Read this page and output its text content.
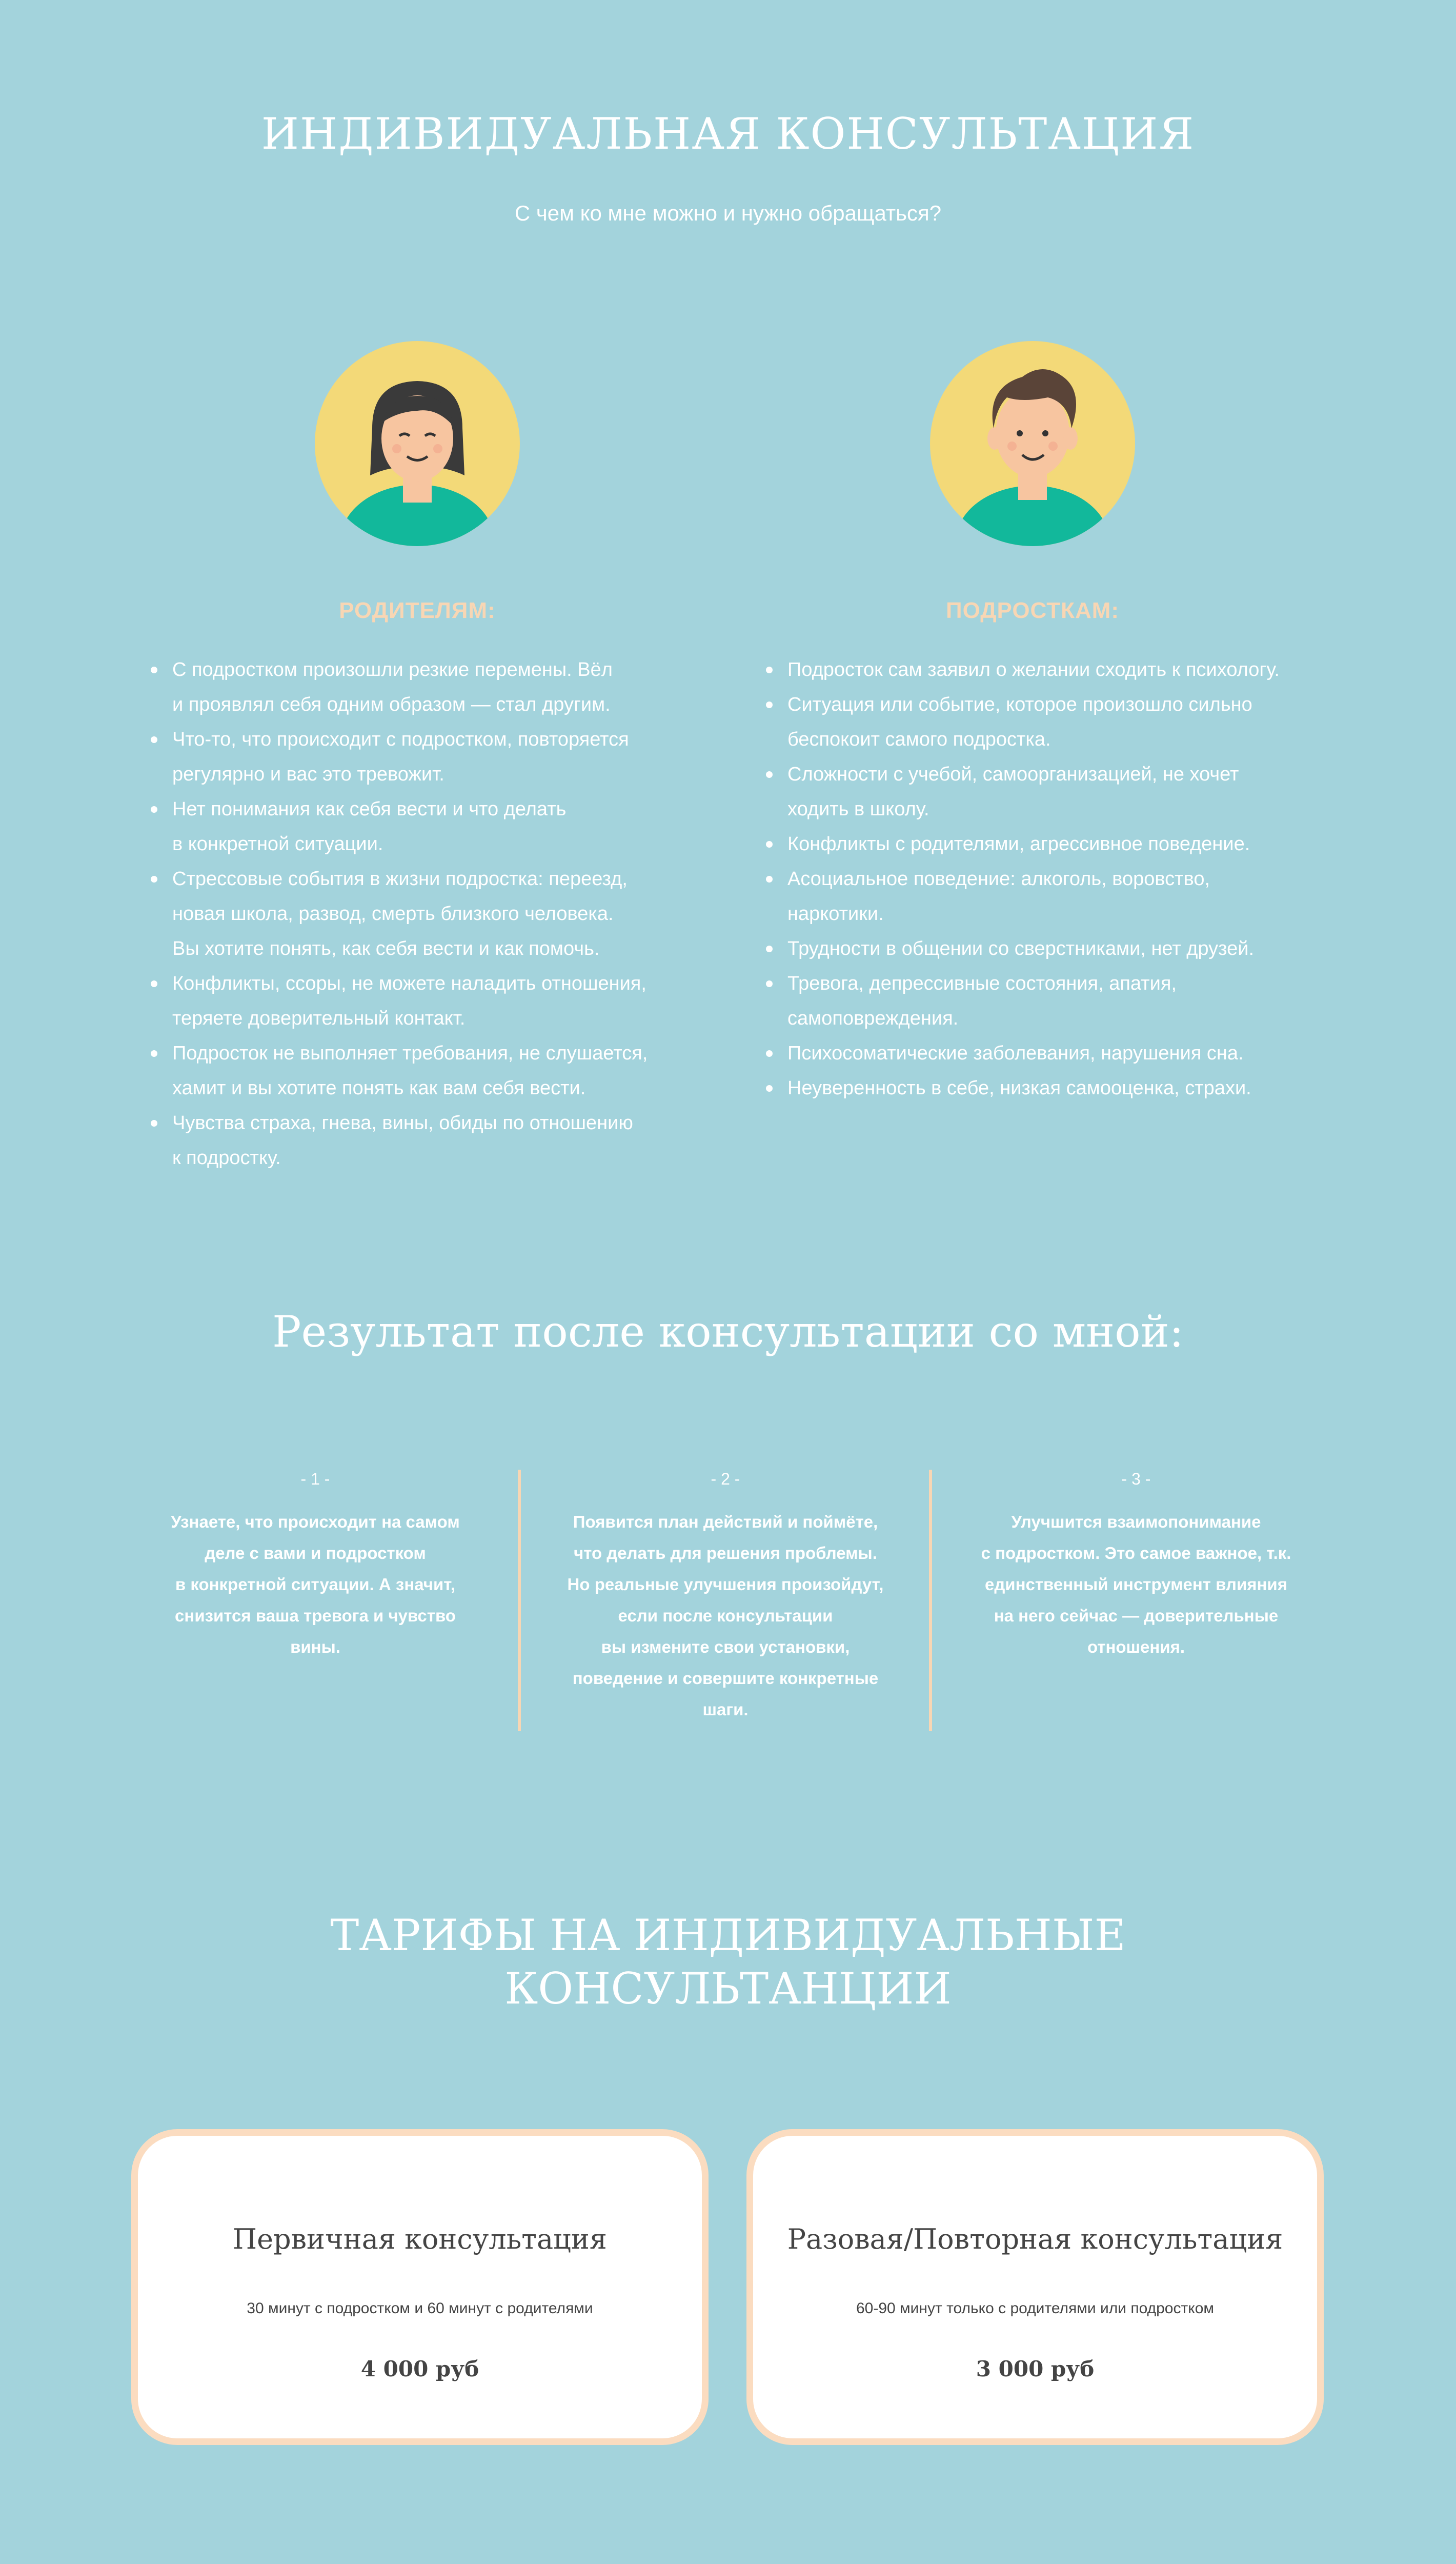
ИНДИВИДУАЛЬНАЯ КОНСУЛЬТАЦИЯ
С чем ко мне можно и нужно обращаться?
РОДИТЕЛЯМ:	ПОДРОСТКАМ:
С подростком произошли резкие перемены. Вёл
и проявлял себя одним образом — стал другим.
Что-то, что происходит с подростком, повторяется
регулярно и вас это тревожит.
Нет понимания как себя вести и что делать
в конкретной ситуации.
Стрессовые события в жизни подростка: переезд,
новая школа, развод, смерть близкого человека.
Вы хотите понять, как себя вести и как помочь.
Конфликты, ссоры, не можете наладить отношения,
теряете доверительный контакт.
Подросток не выполняет требования, не слушается,
хамит и вы хотите понять как вам себя вести.
Чувства страха, гнева, вины, обиды по отношению
к подростку.
Подросток сам заявил о желании сходить к психологу.
Ситуация или событие, которое произошло сильно
беспокоит самого подростка.
Сложности с учебой, самоорганизацией, не хочет
ходить в школу.
Конфликты с родителями, агрессивное поведение.
Асоциальное поведение: алкоголь, воровство,
наркотики.
Трудности в общении со сверстниками, нет друзей.
Тревога, депрессивные состояния, апатия,
самоповреждения.
Психосоматические заболевания, нарушения сна.
Неуверенность в себе, низкая самооценка, страхи.
Результат после консультации со мной:
- 1 -
Узнаете, что происходит на самом
деле с вами и подростком
в конкретной ситуации. А значит,
снизится ваша тревога и чувство
вины.
- 2 -
Появится план действий и поймёте,
что делать для решения проблемы.
Но реальные улучшения произойдут,
если после консультации
вы измените свои установки,
поведение и совершите конкретные
шаги.
- 3 -
Улучшится взаимопонимание
с подростком. Это самое важное, т.к.
единственный инструмент влияния
на него сейчас — доверительные
отношения.
ТАРИФЫ НА ИНДИВИДУАЛЬНЫЕ
КОНСУЛЬТАНЦИИ
Первичная консультация
30 минут с подростком и 60 минут с родителями
4 000 руб
Разовая/Повторная консультация
60-90 минут только с родителями или подростком
3 000 руб
